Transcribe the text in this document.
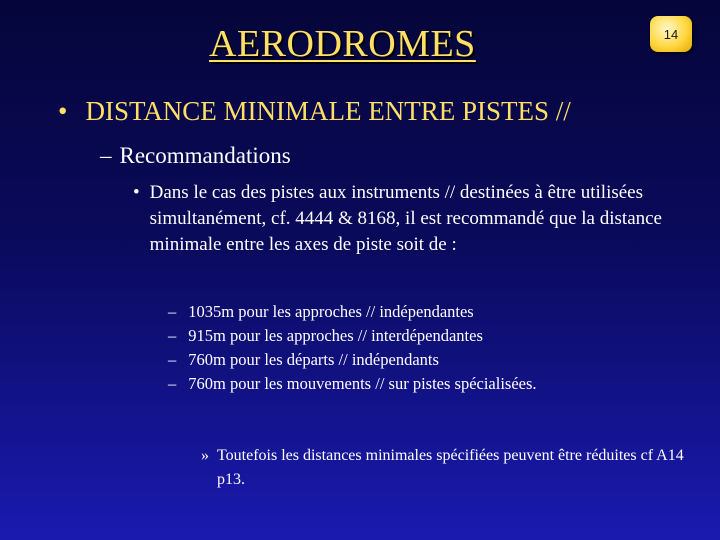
AERODROMES	14
• DISTANCE MINIMALE ENTRE PISTES //
– Recommandations
• Dans le cas des pistes aux instruments // destinées à être utilisées simultanément, cf. 4444 & 8168, il est recommandé que la distance minimale entre les axes de piste soit de :
– 1035m pour les approches // indépendantes
– 915m pour les approches // interdépendantes
– 760m pour les départs // indépendants
– 760m pour les mouvements // sur pistes spécialisées.
» Toutefois les distances minimales spécifiées peuvent être réduites cf A14 p13.
